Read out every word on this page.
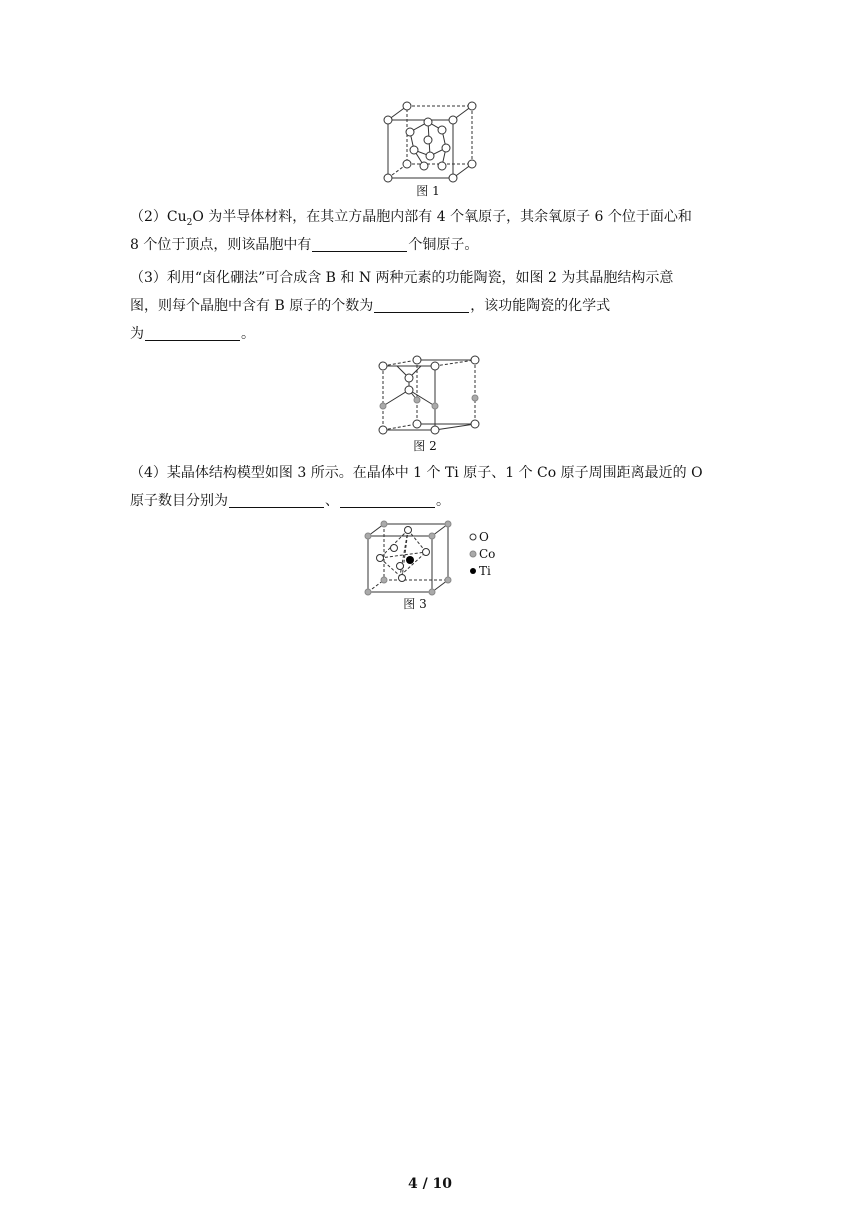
图 1
$(2)Cu_2O$ 为半导体材料，在其立方晶胞内部有 4 个氧原子，其余氧原子 6 个位于面心和
8 个位于顶点，则该晶胞中有	个铜原子。
（3）利用“卤化硼法”可合成含 B 和 N 两种元素的功能陶瓷，如图 2 为其晶胞结构示意
图，则每个晶胞中含有 B 原子的个数为	，该功能陶瓷的化学式
为	。
图 2
（4）某晶体结构模型如图 3 所示。在晶体中 1 个 Ti 原子、1 个 Co 原子周围距离最近的 O
原子数目分别为	、	。
O
Co
Ti
图 3
4 / 10
